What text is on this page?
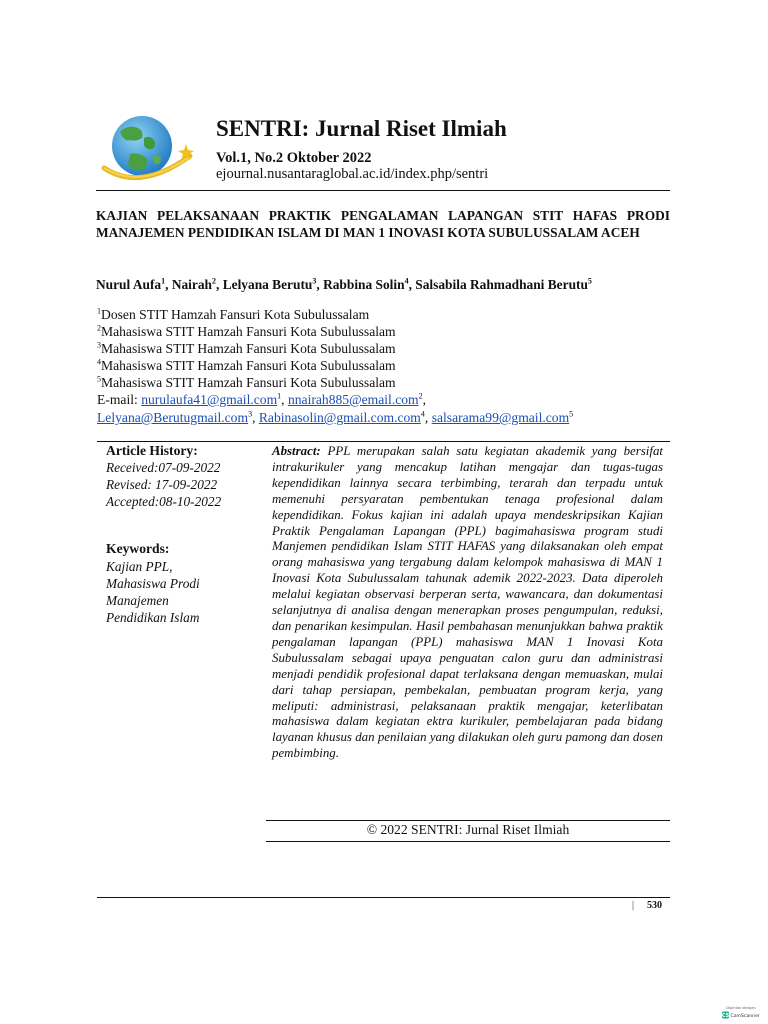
SENTRI: Jurnal Riset Ilmiah
Vol.1, No.2 Oktober 2022
ejournal.nusantaraglobal.ac.id/index.php/sentri
KAJIAN PELAKSANAAN PRAKTIK PENGALAMAN LAPANGAN STIT HAFAS PRODI MANAJEMEN PENDIDIKAN ISLAM DI MAN 1 INOVASI KOTA SUBULUSSALAM ACEH
Nurul Aufa$^1$, Nairah$^2$, Lelyana Berutu$^3$, Rabbina Solin$^4$, Salsabila Rahmadhani Berutu$^5$
$^1$Dosen STIT Hamzah Fansuri Kota Subulussalam
$^2$Mahasiswa STIT Hamzah Fansuri Kota Subulussalam
$^3$Mahasiswa STIT Hamzah Fansuri Kota Subulussalam
$^4$Mahasiswa STIT Hamzah Fansuri Kota Subulussalam
$^5$Mahasiswa STIT Hamzah Fansuri Kota Subulussalam
E-mail: nurulaufa41@gmail.com$^1$, nnairah885@email.com$^2$,
Lelyana@Berutugmail.com$^3$, Rabinasolin@gmail.com.com$^4$, salsarama99@gmail.com$^5$
Article History:
Received:07-09-2022
Revised: 17-09-2022
Accepted:08-10-2022
Keywords:
Kajian PPL,
Mahasiswa Prodi
Manajemen
Pendidikan Islam
Abstract: PPL merupakan salah satu kegiatan akademik yang bersifat intrakurikuler yang mencakup latihan mengajar dan tugas-tugas kependidikan lainnya secara terbimbing, terarah dan terpadu untuk memenuhi persyaratan pembentukan tenaga profesional dalam kependidikan. Fokus kajian ini adalah upaya mendeskripsikan Kajian Praktik Pengalaman Lapangan (PPL) bagimahasiswa program studi Manjemen pendidikan Islam STIT HAFAS yang dilaksanakan oleh empat orang mahasiswa yang tergabung dalam kelompok mahasiswa di MAN 1 Inovasi Kota Subulussalam tahunak ademik 2022-2023. Data diperoleh melalui kegiatan observasi berperan serta, wawancara, dan dokumentasi selanjutnya di analisa dengan menerapkan proses pengumpulan, reduksi, dan penarikan kesimpulan. Hasil pembahasan menunjukkan bahwa praktik pengalaman lapangan (PPL) mahasiswa MAN 1 Inovasi Kota Subulussalam sebagai upaya penguatan calon guru dan administrasi menjadi pendidik profesional dapat terlaksana dengan memuaskan, mulai dari tahap persiapan, pembekalan, pembuatan program kerja, yang meliputi: administrasi, pelaksanaan praktik mengajar, keterlibatan mahasiswa dalam kegiatan ektra kurikuler, pembelajaran pada bidang layanan khusus dan penilaian yang dilakukan oleh guru pamong dan dosen pembimbing.
© 2022 SENTRI: Jurnal Riset Ilmiah
| 530
Dipindai dengan
CS CamScanner
